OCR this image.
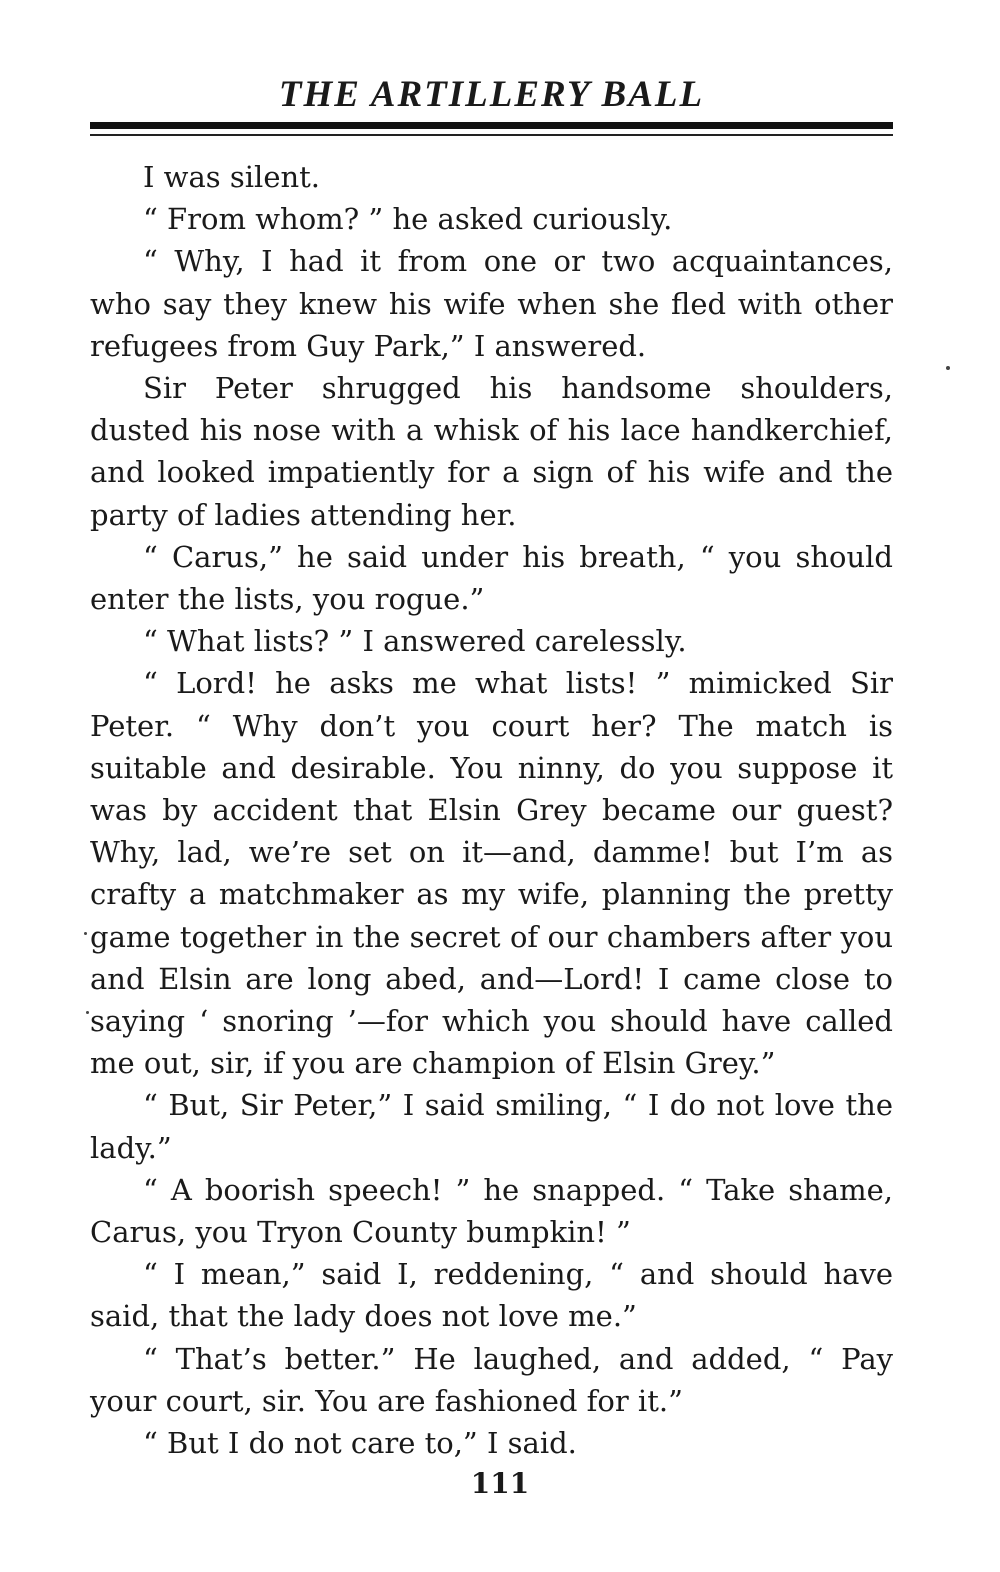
THE ARTILLERY BALL

I was silent.

“ From whom? ” he asked curiously.

“ Why, I had it from one or two acquaintances, who say they knew his wife when she fled with other refugees from Guy Park,” I answered.

Sir Peter shrugged his handsome shoulders, dusted his nose with a whisk of his lace handkerchief, and looked impatiently for a sign of his wife and the party of ladies attending her.

“ Carus,” he said under his breath, “ you should enter the lists, you rogue.”

“ What lists? ” I answered carelessly.

“ Lord! he asks me what lists! ” mimicked Sir Peter. “ Why don’t you court her? The match is suitable and desirable. You ninny, do you suppose it was by accident that Elsin Grey became our guest? Why, lad, we’re set on it—and, damme! but I’m as crafty a matchmaker as my wife, planning the pretty game together in the secret of our chambers after you and Elsin are long abed, and—Lord! I came close to saying ‘ snoring ’—for which you should have called me out, sir, if you are champion of Elsin Grey.”

“ But, Sir Peter,” I said smiling, “ I do not love the lady.”

“ A boorish speech! ” he snapped. “ Take shame, Carus, you Tryon County bumpkin! ”

“ I mean,” said I, reddening, “ and should have said, that the lady does not love me.”

“ That’s better.” He laughed, and added, “ Pay your court, sir. You are fashioned for it.”

“ But I do not care to,” I said.

111
